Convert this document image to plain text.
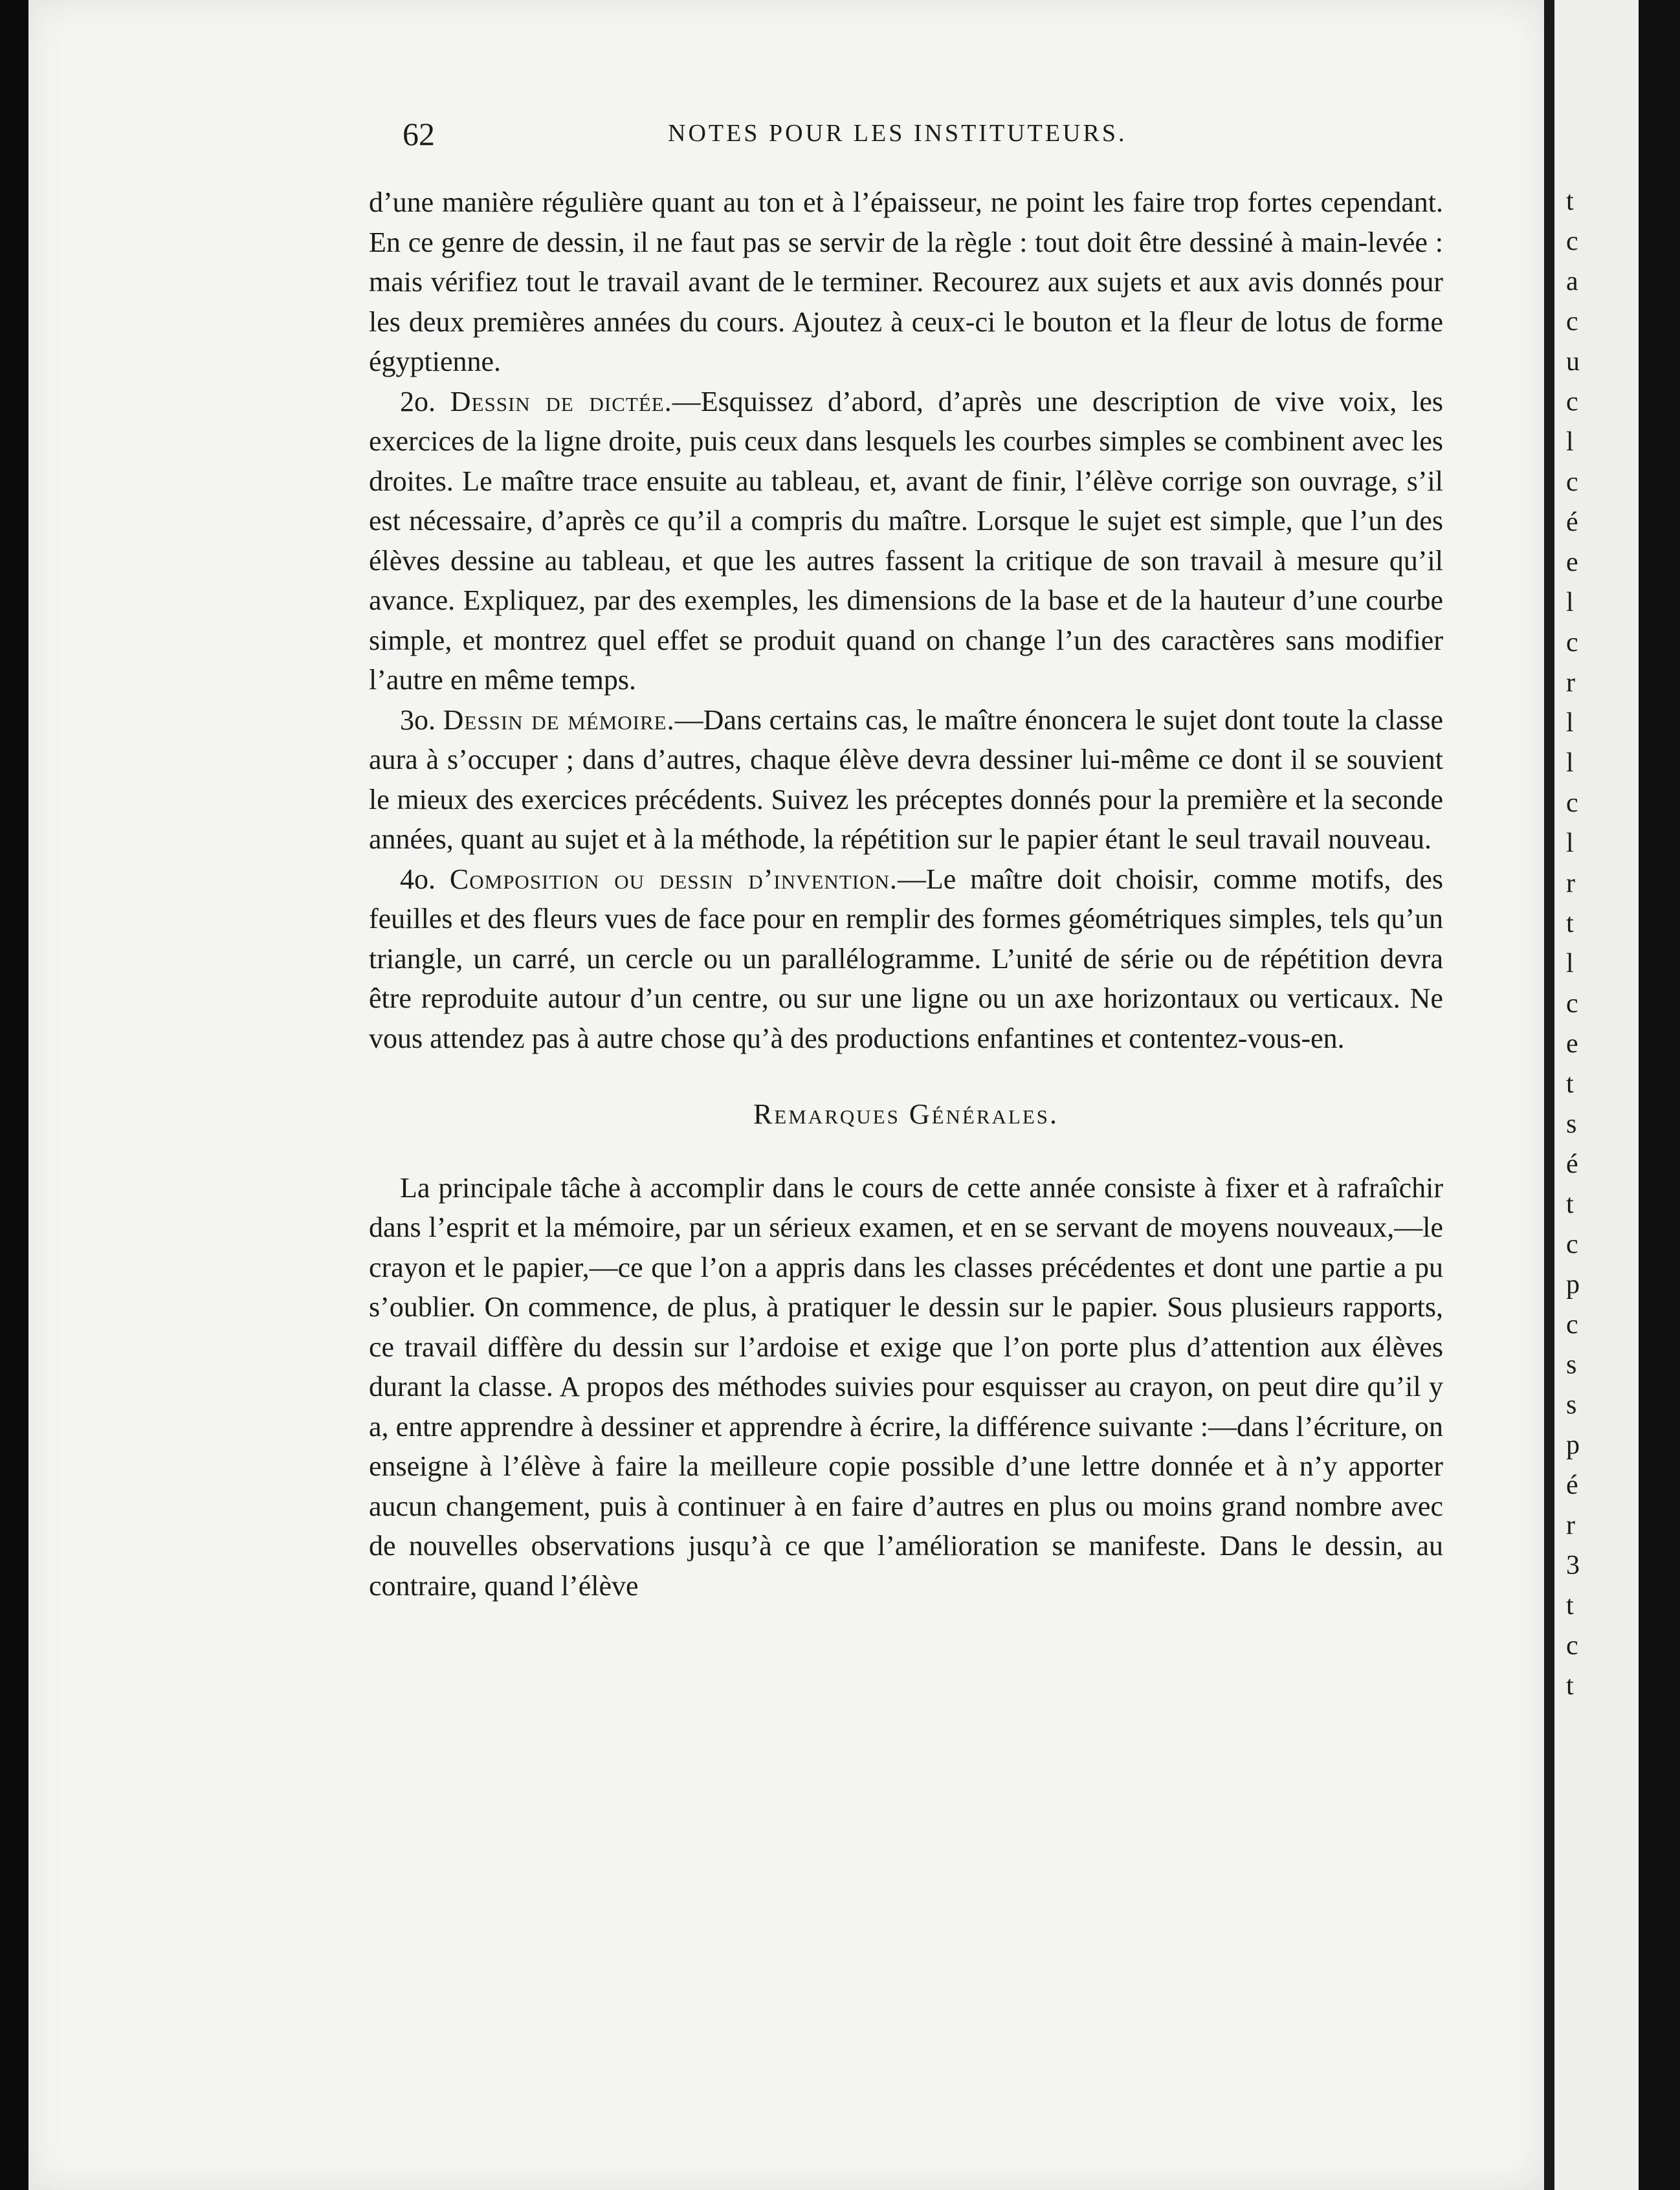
62	NOTES POUR LES INSTITUTEURS.

d’une manière régulière quant au ton et à l’épaisseur, ne point les faire trop fortes cependant. En ce genre de dessin, il ne faut pas se servir de la règle : tout doit être dessiné à main-levée : mais vérifiez tout le travail avant de le terminer. Recourez aux sujets et aux avis donnés pour les deux premières années du cours. Ajoutez à ceux-ci le bouton et la fleur de lotus de forme égyptienne.

2o. Dessin de dictée.—Esquissez d’abord, d’après une description de vive voix, les exercices de la ligne droite, puis ceux dans lesquels les courbes simples se combinent avec les droites. Le maître trace ensuite au tableau, et, avant de finir, l’élève corrige son ouvrage, s’il est nécessaire, d’après ce qu’il a compris du maître. Lorsque le sujet est simple, que l’un des élèves dessine au tableau, et que les autres fassent la critique de son travail à mesure qu’il avance. Expliquez, par des exemples, les dimensions de la base et de la hauteur d’une courbe simple, et montrez quel effet se produit quand on change l’un des caractères sans modifier l’autre en même temps.

3o. Dessin de mémoire.—Dans certains cas, le maître énoncera le sujet dont toute la classe aura à s’occuper ; dans d’autres, chaque élève devra dessiner lui-même ce dont il se souvient le mieux des exercices précédents. Suivez les préceptes donnés pour la première et la seconde années, quant au sujet et à la méthode, la répétition sur le papier étant le seul travail nouveau.

4o. Composition ou dessin d’invention.—Le maître doit choisir, comme motifs, des feuilles et des fleurs vues de face pour en remplir des formes géométriques simples, tels qu’un triangle, un carré, un cercle ou un parallélogramme. L’unité de série ou de répétition devra être reproduite autour d’un centre, ou sur une ligne ou un axe horizontaux ou verticaux. Ne vous attendez pas à autre chose qu’à des productions enfantines et contentez-vous-en.

Remarques Générales.

La principale tâche à accomplir dans le cours de cette année consiste à fixer et à rafraîchir dans l’esprit et la mémoire, par un sérieux examen, et en se servant de moyens nouveaux,—le crayon et le papier,—ce que l’on a appris dans les classes précédentes et dont une partie a pu s’oublier. On commence, de plus, à pratiquer le dessin sur le papier. Sous plusieurs rapports, ce travail diffère du dessin sur l’ardoise et exige que l’on porte plus d’attention aux élèves durant la classe. A propos des méthodes suivies pour esquisser au crayon, on peut dire qu’il y a, entre apprendre à dessiner et apprendre à écrire, la différence suivante :—dans l’écriture, on enseigne à l’élève à faire la meilleure copie possible d’une lettre donnée et à n’y apporter aucun changement, puis à continuer à en faire d’autres en plus ou moins grand nombre avec de nouvelles observations jusqu’à ce que l’amélioration se manifeste. Dans le dessin, au contraire, quand l’élève

t
c
a
c
u
c
l
c
é
e
l
c
r
l
l
c
l
r
t
l
c
e
t
s
é
t
c
p
c
s
s
p
é
r
3
t
c
t
